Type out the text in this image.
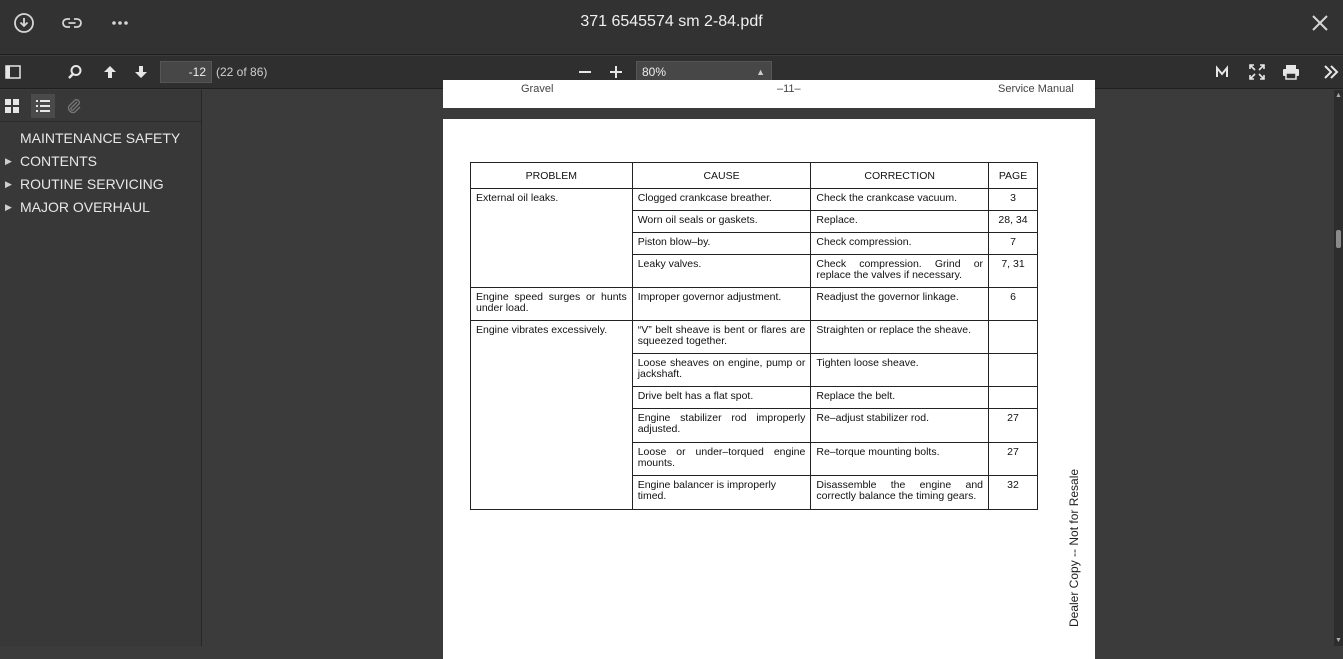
371 6545574 sm 2-84.pdf
-12 (22 of 86)	80%	▲

MAINTENANCE SAFETY
▶ CONTENTS
▶ ROUTINE SERVICING
▶ MAJOR OVERHAUL
Gravel	–11–	Service Manual
PROBLEM	CAUSE	CORRECTION	PAGE
External oil leaks.	Clogged crankcase breather.	Check the crankcase vacuum.	3
	Worn oil seals or gaskets.	Replace.	28, 34
	Piston blow–by.	Check compression.	7
	Leaky valves.	Check compression. Grind or replace the valves if necessary.	7, 31
Engine speed surges or hunts under load.	Improper governor adjustment.	Readjust the governor linkage.	6
Engine vibrates excessively.	“V” belt sheave is bent or flares are squeezed together.	Straighten or replace the sheave.	
	Loose sheaves on engine, pump or jackshaft.	Tighten loose sheave.	
	Drive belt has a flat spot.	Replace the belt.	
	Engine stabilizer rod improperly adjusted.	Re–adjust stabilizer rod.	27
	Loose or under–torqued engine mounts.	Re–torque mounting bolts.	27
	Engine balancer is improperly timed.	Disassemble the engine and correctly balance the timing gears.	32	Dealer Copy -- Not for Resale
▲
▼
